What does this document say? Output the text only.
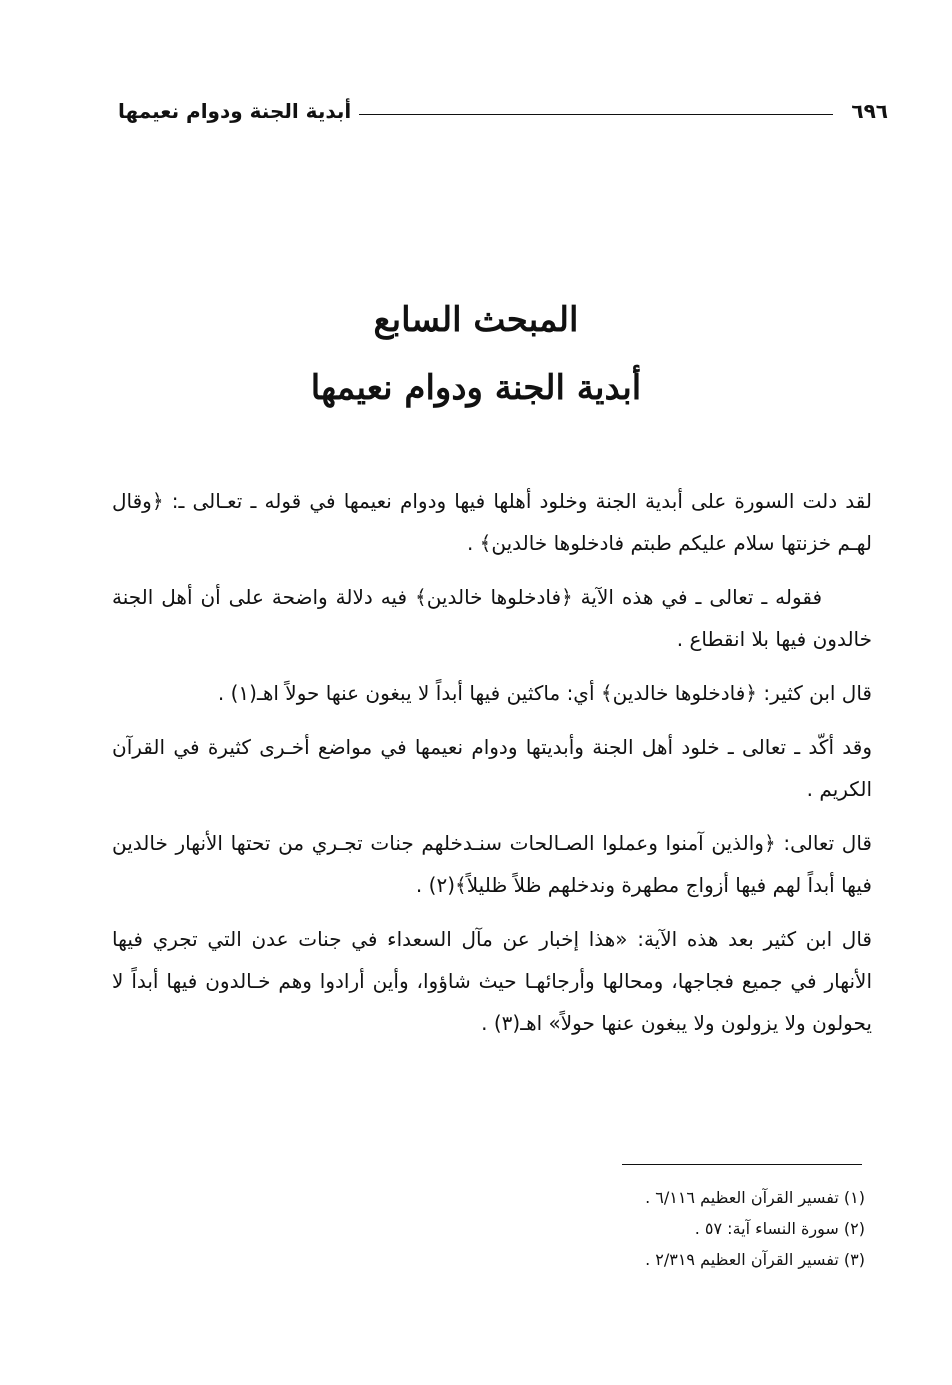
٦٩٦
أبدية الجنة ودوام نعيمها
المبحث السابع
أبدية الجنة ودوام نعيمها

لقد دلت السورة على أبدية الجنة وخلود أهلها فيها ودوام نعيمها في قوله ـ تعـالى ـ: ﴿وقال لهـم خزنتها سلام عليكم طبتم فادخلوها خالدين﴾ .

فقوله ـ تعالى ـ في هذه الآية ﴿فادخلوها خالدين﴾ فيه دلالة واضحة على أن أهل الجنة خالدون فيها بلا انقطاع .

قال ابن كثير: ﴿فادخلوها خالدين﴾ أي: ماكثين فيها أبداً لا يبغون عنها حولاً اهـ(١) .

وقد أكّد ـ تعالى ـ خلود أهل الجنة وأبديتها ودوام نعيمها في مواضع أخـرى كثيرة في القرآن الكريم .

قال تعالى: ﴿والذين آمنوا وعملوا الصـالحات سنـدخلهم جنات تجـري من تحتها الأنهار خالدين فيها أبداً لهم فيها أزواج مطهرة وندخلهم ظلاً ظليلاً﴾(٢) .

قال ابن كثير بعد هذه الآية: «هذا إخبار عن مآل السعداء في جنات عدن التي تجري فيها الأنهار في جميع فجاجها، ومحالها وأرجائهـا حيث شاؤوا، وأين أرادوا وهم خـالدون فيها أبداً لا يحولون ولا يزولون ولا يبغون عنها حولاً» اهـ(٣) .

(١) تفسير القرآن العظيم ٦/١١٦ .
(٢) سورة النساء آية: ٥٧ .
(٣) تفسير القرآن العظيم ٢/٣١٩ .
